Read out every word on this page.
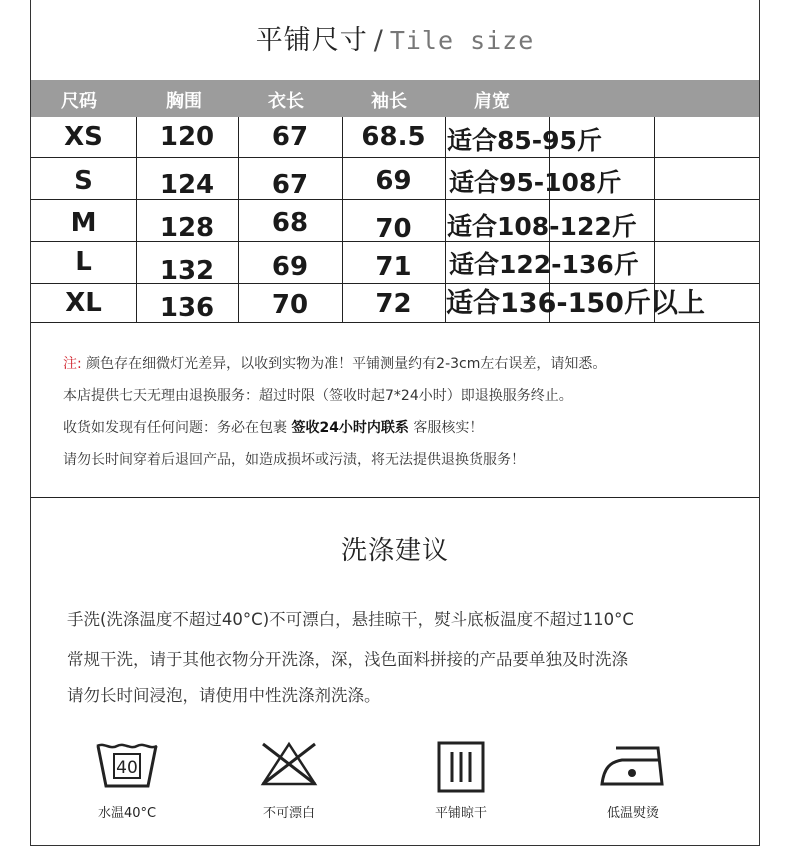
平铺尺寸 / Tile size
尺码	胸围	衣长	袖长	肩宽
XS	120	67	68.5 适合85-95斤
S	124	67	69	适合95-108斤
M	128	68	70	适合108-122斤
L	132	69	71	适合122-136斤
XL	136	70	72	适合136-150斤以上
注: 颜色存在细微灯光差异，以收到实物为准！平铺测量约有2-3cm左右误差，请知悉。
本店提供七天无理由退换服务：超过时限（签收时起7*24小时）即退换服务终止。
收货如发现有任何问题：务必在包裹 签收24小时内联系 客服核实！
请勿长时间穿着后退回产品，如造成损坏或污渍，将无法提供退换货服务！
洗涤建议
手洗(洗涤温度不超过40°C)不可漂白，悬挂晾干，熨斗底板温度不超过110°C
常规干洗，请于其他衣物分开洗涤，深，浅色面料拼接的产品要单独及时洗涤
请勿长时间浸泡，请使用中性洗涤剂洗涤。
40
水温40°C	不可漂白	平铺晾干	低温熨烫
